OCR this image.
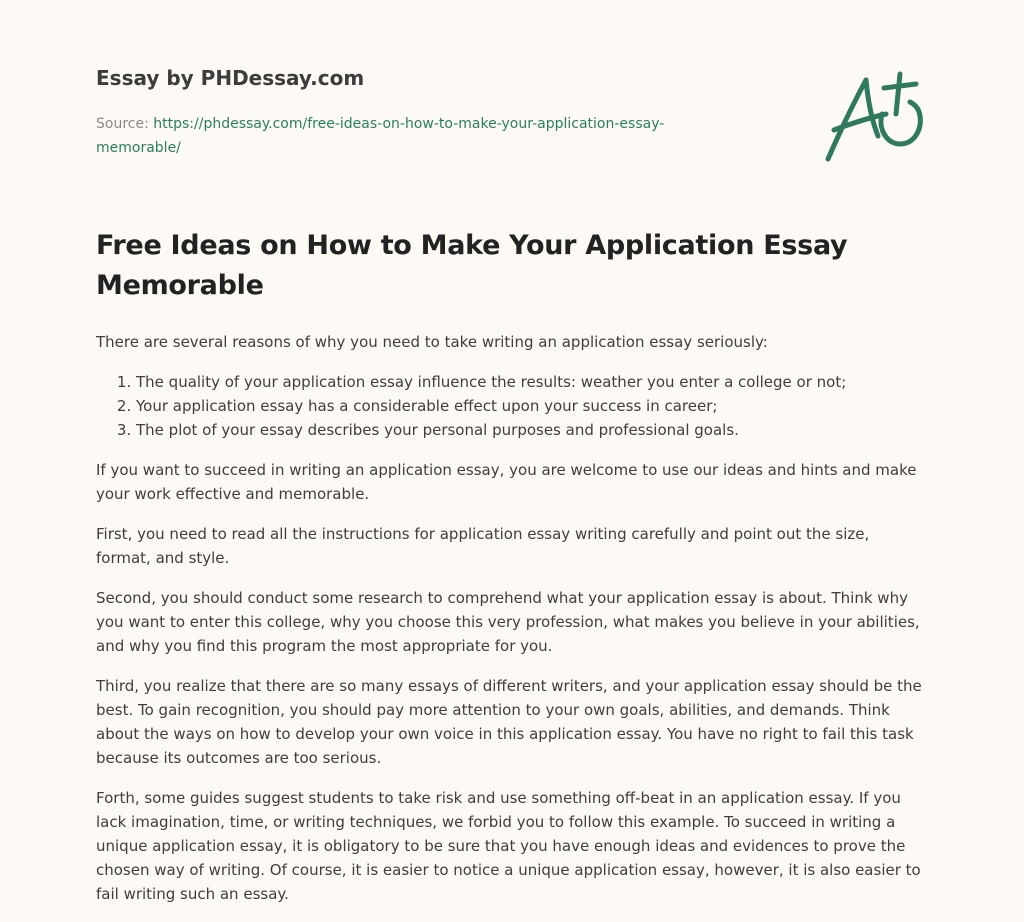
Essay by PHDessay.com
Source: https://phdessay.com/free-ideas-on-how-to-make-your-application-essay-memorable/
Free Ideas on How to Make Your Application Essay Memorable

There are several reasons of why you need to take writing an application essay seriously:

1. The quality of your application essay influence the results: weather you enter a college or not;
2. Your application essay has a considerable effect upon your success in career;
3. The plot of your essay describes your personal purposes and professional goals.

If you want to succeed in writing an application essay, you are welcome to use our ideas and hints and make your work effective and memorable.

First, you need to read all the instructions for application essay writing carefully and point out the size, format, and style.

Second, you should conduct some research to comprehend what your application essay is about. Think why you want to enter this college, why you choose this very profession, what makes you believe in your abilities, and why you find this program the most appropriate for you.

Third, you realize that there are so many essays of different writers, and your application essay should be the best. To gain recognition, you should pay more attention to your own goals, abilities, and demands. Think about the ways on how to develop your own voice in this application essay. You have no right to fail this task because its outcomes are too serious.

Forth, some guides suggest students to take risk and use something off-beat in an application essay. If you lack imagination, time, or writing techniques, we forbid you to follow this example. To succeed in writing a unique application essay, it is obligatory to be sure that you have enough ideas and evidences to prove the chosen way of writing. Of course, it is easier to notice a unique application essay, however, it is also easier to fail writing such an essay.
